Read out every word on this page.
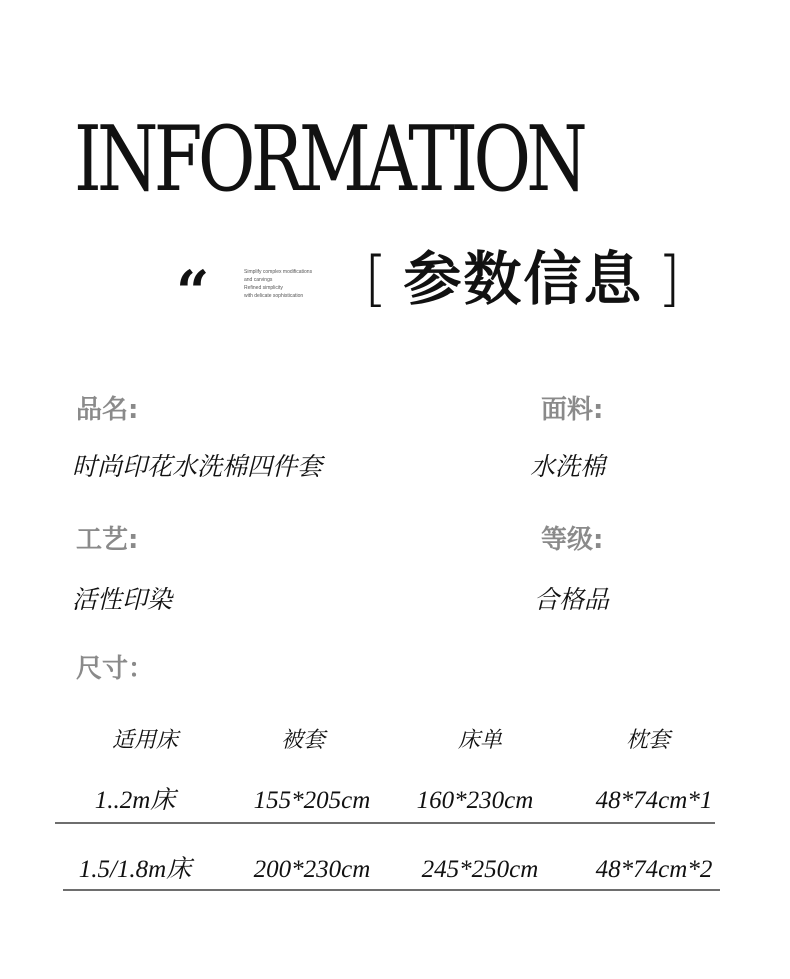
INFORMATION
“	Simplify complex modifications
and carvings
Refined simplicity
with delicate sophistication [ 参数信息 ]
品名:
时尚印花水洗棉四件套
面料:
水洗棉
工艺:
活性印染
等级:
合格品
尺寸：
适用床	被套	床单	枕套
1..2m床	155*205cm	160*230cm	48*74cm*1
1.5/1.8m床	200*230cm	245*250cm	48*74cm*2
